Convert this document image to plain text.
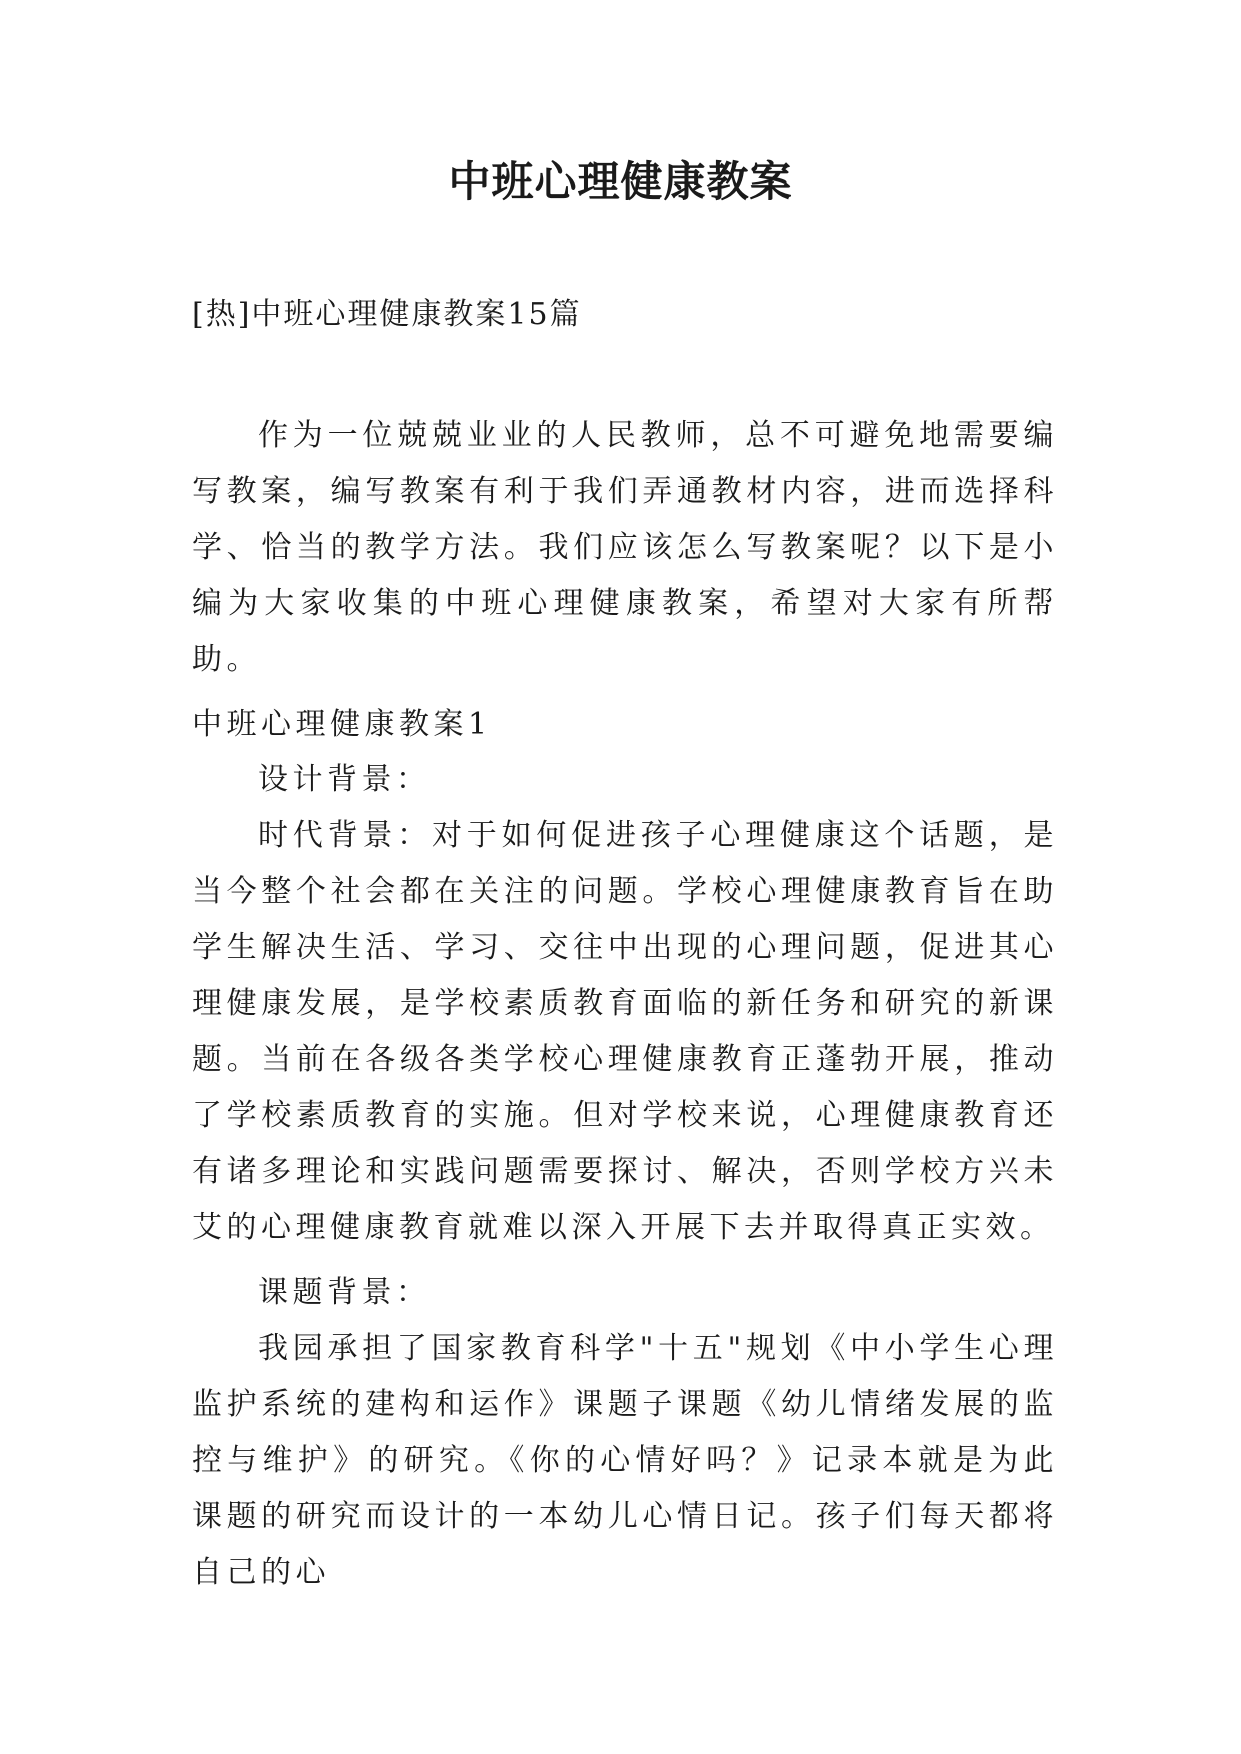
中班心理健康教案

[热]中班心理健康教案15篇

作为一位兢兢业业的人民教师，总不可避免地需要编写教案，编写教案有利于我们弄通教材内容，进而选择科学、恰当的教学方法。我们应该怎么写教案呢？以下是小编为大家收集的中班心理健康教案，希望对大家有所帮助。

中班心理健康教案1

设计背景：

时代背景：对于如何促进孩子心理健康这个话题，是当今整个社会都在关注的问题。学校心理健康教育旨在助学生解决生活、学习、交往中出现的心理问题，促进其心理健康发展，是学校素质教育面临的新任务和研究的新课题。当前在各级各类学校心理健康教育正蓬勃开展，推动了学校素质教育的实施。但对学校来说，心理健康教育还有诸多理论和实践问题需要探讨、解决，否则学校方兴未艾的心理健康教育就难以深入开展下去并取得真正实效。

课题背景：

我园承担了国家教育科学"十五"规划《中小学生心理监护系统的建构和运作》课题子课题《幼儿情绪发展的监控与维护》的研究。《你的心情好吗？》记录本就是为此课题的研究而设计的一本幼儿心情日记。孩子们每天都将自己的心
